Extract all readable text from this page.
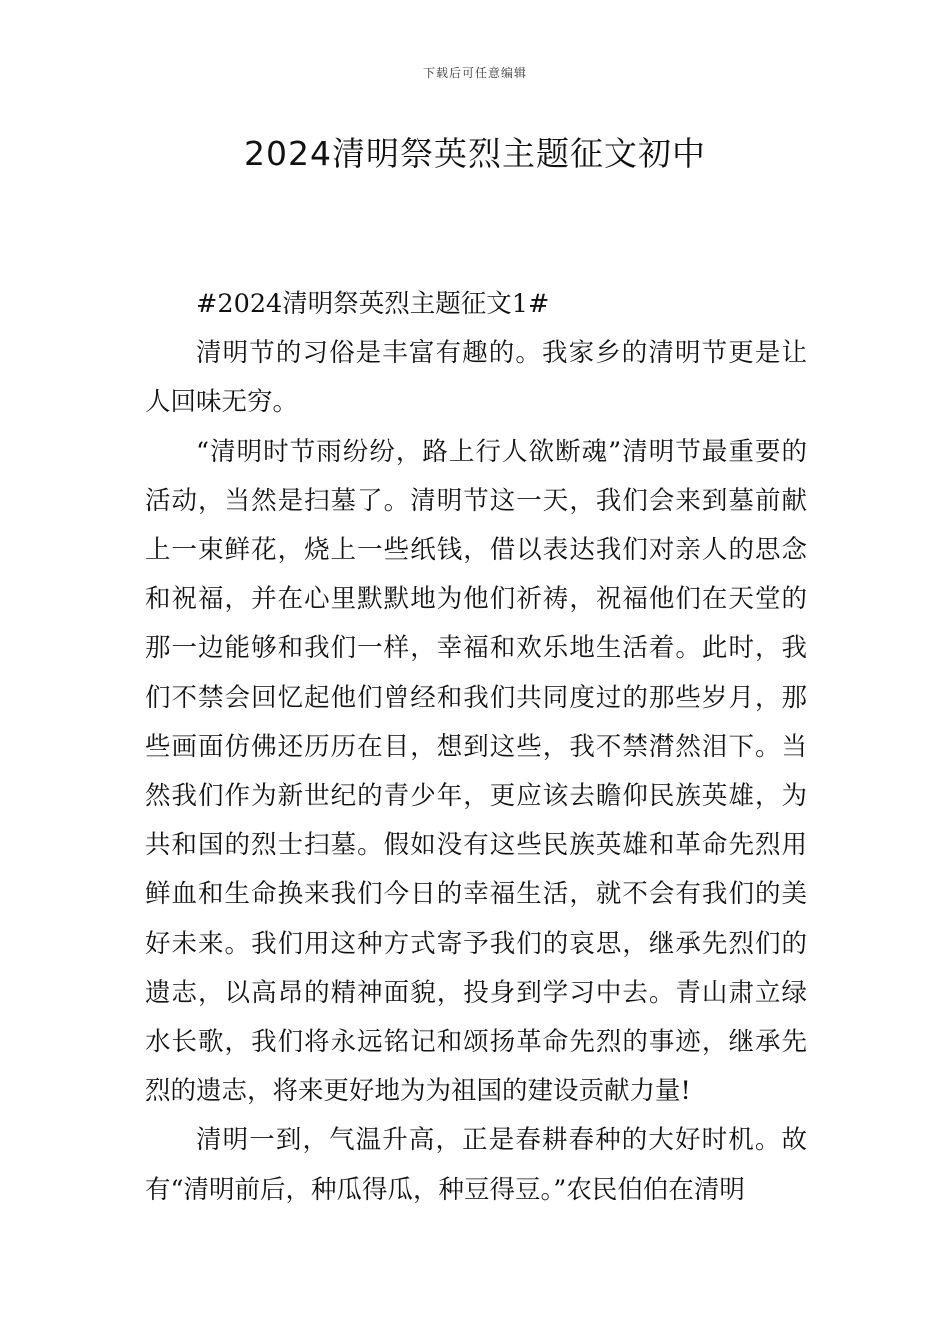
下载后可任意编辑
2024清明祭英烈主题征文初中

#2024清明祭英烈主题征文1#

清明节的习俗是丰富有趣的。我家乡的清明节更是让人回味无穷。

“清明时节雨纷纷，路上行人欲断魂”清明节最重要的活动，当然是扫墓了。清明节这一天，我们会来到墓前献上一束鲜花，烧上一些纸钱，借以表达我们对亲人的思念和祝福，并在心里默默地为他们祈祷，祝福他们在天堂的那一边能够和我们一样，幸福和欢乐地生活着。此时，我们不禁会回忆起他们曾经和我们共同度过的那些岁月，那些画面仿佛还历历在目，想到这些，我不禁潸然泪下。当然我们作为新世纪的青少年，更应该去瞻仰民族英雄，为共和国的烈士扫墓。假如没有这些民族英雄和革命先烈用鲜血和生命换来我们今日的幸福生活，就不会有我们的美好未来。我们用这种方式寄予我们的哀思，继承先烈们的遗志，以高昂的精神面貌，投身到学习中去。青山肃立绿水长歌，我们将永远铭记和颂扬革命先烈的事迹，继承先烈的遗志，将来更好地为为祖国的建设贡献力量!

清明一到，气温升高，正是春耕春种的大好时机。故有“清明前后，种瓜得瓜，种豆得豆。”农民伯伯在清明
